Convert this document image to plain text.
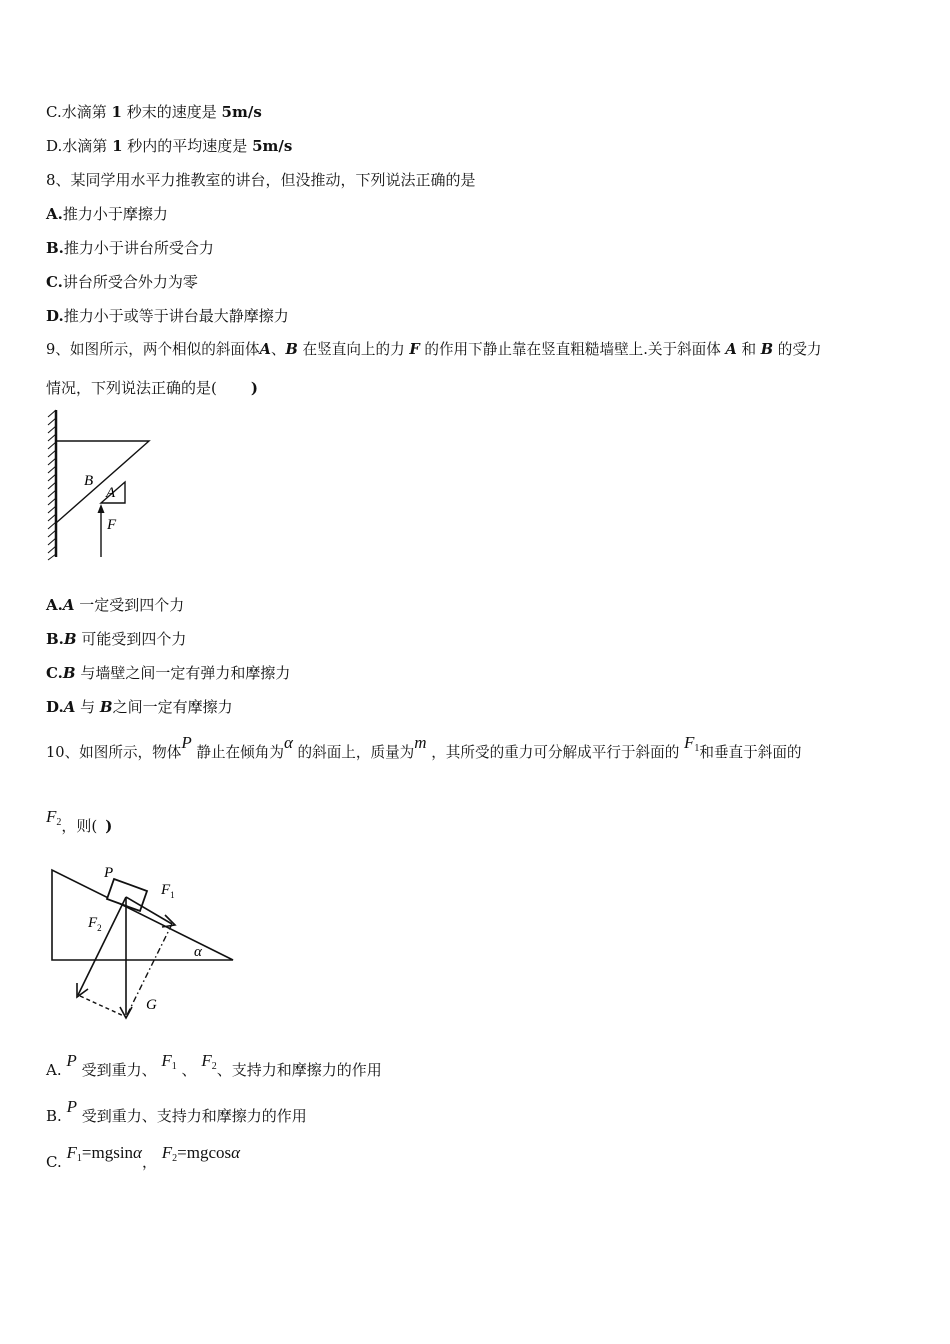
C.水滴第 1 秒末的速度是 5m/s
D.水滴第 1 秒内的平均速度是 5m/s
8、某同学用水平力推教室的讲台，但没推动，下列说法正确的是
A.推力小于摩擦力
B.推力小于讲台所受合力
C.讲台所受合外力为零
D.推力小于或等于讲台最大静摩擦力
9、如图所示，两个相似的斜面体A、B 在竖直向上的力 F 的作用下静止靠在竖直粗糙墙壁上.关于斜面体 A 和 B 的受力
情况，下列说法正确的是( )
B
A
F
A.A 一定受到四个力
B.B 可能受到四个力
C.B 与墙壁之间一定有弹力和摩擦力
D.A 与 B之间一定有摩擦力
10、如图所示，物体P 静止在倾角为α 的斜面上，质量为m ，其所受的重力可分解成平行于斜面的 $F_1$和垂直于斜面的
$F_2$，则( )
P
$F_1$
$F_2$
α
G
A. P 受到重力、 $F_1$ 、 $F_2$、支持力和摩擦力的作用
B. P 受到重力、支持力和摩擦力的作用
C. $F_1=mgsin\alpha$， $F_2=mgcos\alpha$
